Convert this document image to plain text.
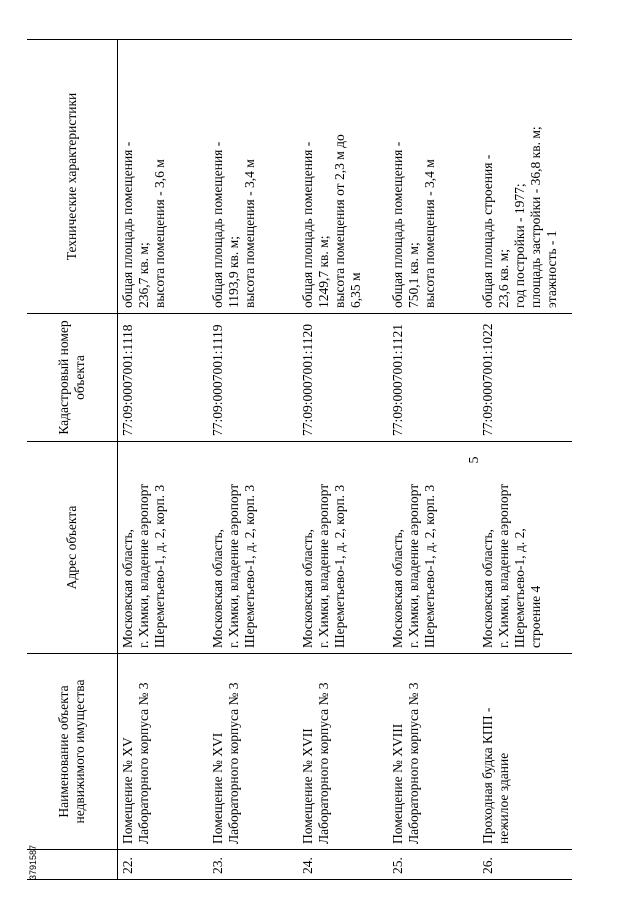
	Наименование объекта недвижимого имущества	Адрес объекта	Кадастровый номер объекта	Технические характеристики
22.	Помещение № XV Лабораторного корпуса № 3	Московская область, г. Химки, владение аэропорт Шереметьево-1, д. 2, корп. 3	77:09:0007001:1118	общая площадь помещения - 236,7 кв. м; высота помещения - 3,6 м

23.	Помещение № XVI Лабораторного корпуса № 3	Московская область, г. Химки, владение аэропорт Шереметьево-1, д. 2, корп. 3	77:09:0007001:1119	общая площадь помещения - 1193,9 кв. м; высота помещения - 3,4 м

24.	Помещение № XVII Лабораторного корпуса № 3	Московская область, г. Химки, владение аэропорт Шереметьево-1, д. 2, корп. 3	77:09:0007001:1120	общая площадь помещения - 1249,7 кв. м; высота помещения от 2,3 м до 6,35 м

25.	Помещение № XVIII Лабораторного корпуса № 3	Московская область, г. Химки, владение аэропорт Шереметьево-1, д. 2, корп. 3	77:09:0007001:1121	общая площадь помещения - 750,1 кв. м; высота помещения - 3,4 м

26.	Проходная будка КПП - нежилое здание	Московская область, г. Химки, владение аэропорт Шереметьево-1, д. 2, строение 4	77:09:0007001:1022	общая площадь строения - 23,6 кв. м; год постройки - 1977; площадь застройки - 36,8 кв. м; этажность - 1
5
3791587
